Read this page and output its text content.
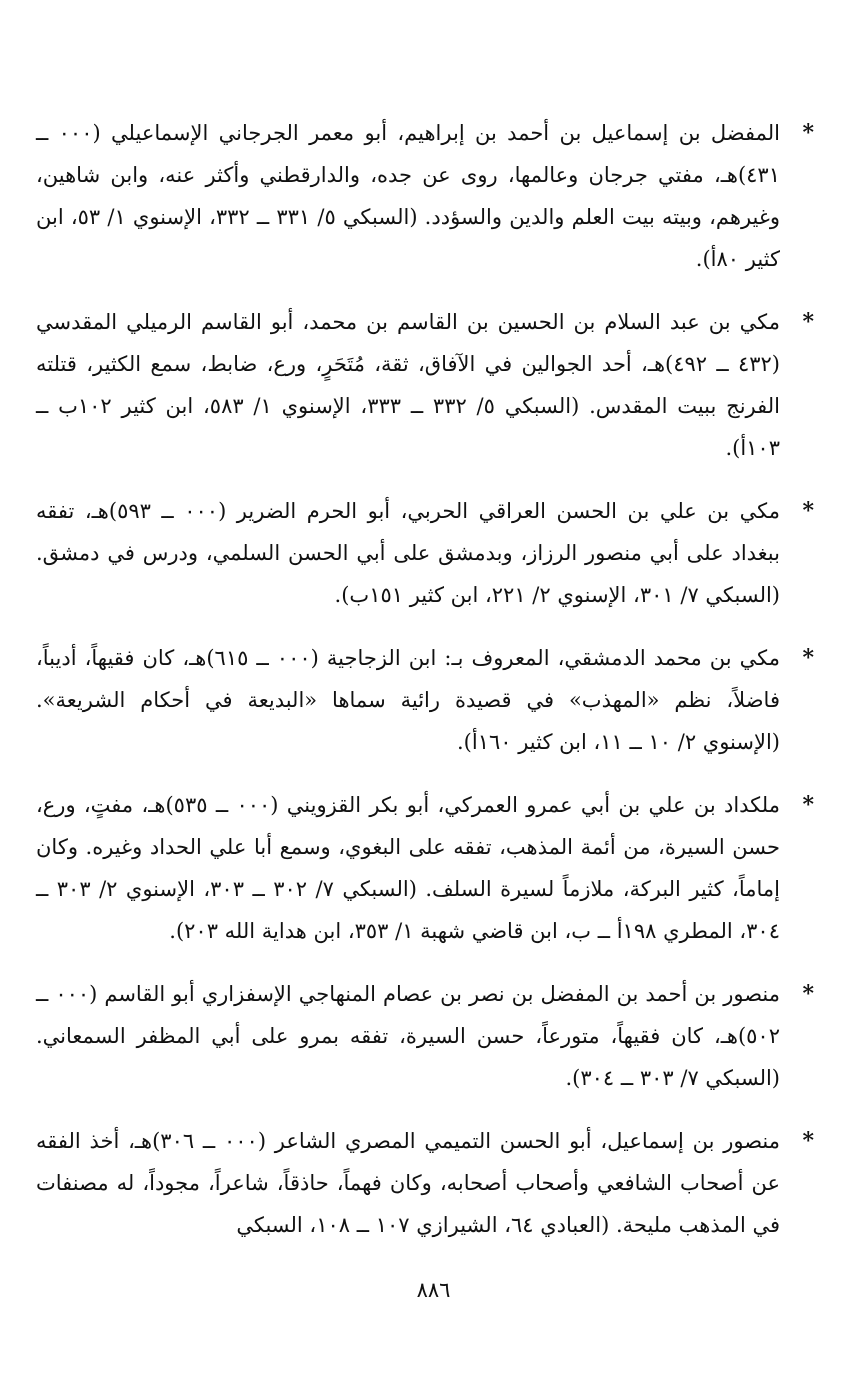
*
المفضل بن إسماعيل بن أحمد بن إبراهيم، أبو معمر الجرجاني الإسماعيلي (٠٠٠ ــ ٤٣١)هـ، مفتي جرجان وعالمها، روى عن جده، والدارقطني وأكثر عنه، وابن شاهين، وغيرهم، وبيته بيت العلم والدين والسؤدد. (السبكي ٥/ ٣٣١ ــ ٣٣٢، الإسنوي ١/ ٥٣، ابن كثير ٨٠أ).
*
مكي بن عبد السلام بن الحسين بن القاسم بن محمد، أبو القاسم الرميلي المقدسي (٤٣٢ ــ ٤٩٢)هـ، أحد الجوالين في الآفاق، ثقة، مُتَحَرٍ، ورع، ضابط، سمع الكثير، قتلته الفرنج ببيت المقدس. (السبكي ٥/ ٣٣٢ ــ ٣٣٣، الإسنوي ١/ ٥٨٣، ابن كثير ١٠٢ب ــ ١٠٣أ).
*
مكي بن علي بن الحسن العراقي الحربي، أبو الحرم الضرير (٠٠٠ ــ ٥٩٣)هـ، تفقه ببغداد على أبي منصور الرزاز، وبدمشق على أبي الحسن السلمي، ودرس في دمشق. (السبكي ٧/ ٣٠١، الإسنوي ٢/ ٢٢١، ابن كثير ١٥١ب).
*
مكي بن محمد الدمشقي، المعروف بـ: ابن الزجاجية (٠٠٠ ــ ٦١٥)هـ، كان فقيهاً، أديباً، فاضلاً، نظم «المهذب» في قصيدة رائية سماها «البديعة في أحكام الشريعة». (الإسنوي ٢/ ١٠ ــ ١١، ابن كثير ١٦٠أ).
*
ملكداد بن علي بن أبي عمرو العمركي، أبو بكر القزويني (٠٠٠ ــ ٥٣٥)هـ، مفتٍ، ورع، حسن السيرة، من أئمة المذهب، تفقه على البغوي، وسمع أبا علي الحداد وغيره. وكان إماماً، كثير البركة، ملازماً لسيرة السلف. (السبكي ٧/ ٣٠٢ ــ ٣٠٣، الإسنوي ٢/ ٣٠٣ ــ ٣٠٤، المطري ١٩٨أ ــ ب، ابن قاضي شهبة ١/ ٣٥٣، ابن هداية الله ٢٠٣).
*
منصور بن أحمد بن المفضل بن نصر بن عصام المنهاجي الإسفزاري أبو القاسم (٠٠٠ ــ ٥٠٢)هـ، كان فقيهاً، متورعاً، حسن السيرة، تفقه بمرو على أبي المظفر السمعاني. (السبكي ٧/ ٣٠٣ ــ ٣٠٤).
*
منصور بن إسماعيل، أبو الحسن التميمي المصري الشاعر (٠٠٠ ــ ٣٠٦)هـ، أخذ الفقه عن أصحاب الشافعي وأصحاب أصحابه، وكان فهماً، حاذقاً، شاعراً، مجوداً، له مصنفات في المذهب مليحة. (العبادي ٦٤، الشيرازي ١٠٧ ــ ١٠٨، السبكي
٨٨٦
